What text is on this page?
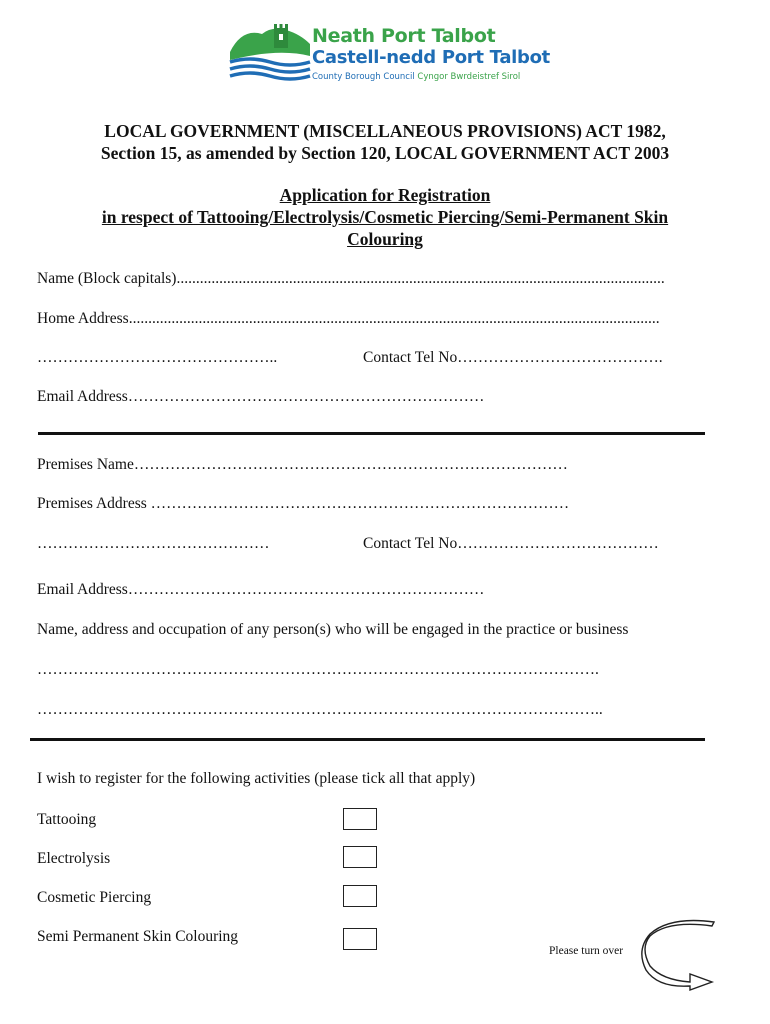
Neath Port Talbot
Castell-nedd Port Talbot
County Borough Council Cyngor Bwrdeistref Sirol
LOCAL GOVERNMENT (MISCELLANEOUS PROVISIONS) ACT 1982,
Section 15, as amended by Section 120, LOCAL GOVERNMENT ACT 2003
Application for Registration
in respect of Tattooing/Electrolysis/Cosmetic Piercing/Semi-Permanent Skin
Colouring
Name (Block capitals)..............................................................................................................................
Home Address.........................................................................................................................................
………………………………………..	Contact Tel No………………………………….
Email Address……………………………………………………………
Premises Name…………………………………………………………………………
Premises Address ………………………………………………………………………
………………………………………	Contact Tel No…………………………………
Email Address……………………………………………………………
Name, address and occupation of any person(s) who will be engaged in the practice or business
……………………………………………………………………………………………….
………………………………………………………………………………………………..
I wish to register for the following activities (please tick all that apply)
Tattooing
Electrolysis
Cosmetic Piercing
Semi Permanent Skin Colouring
Please turn over
